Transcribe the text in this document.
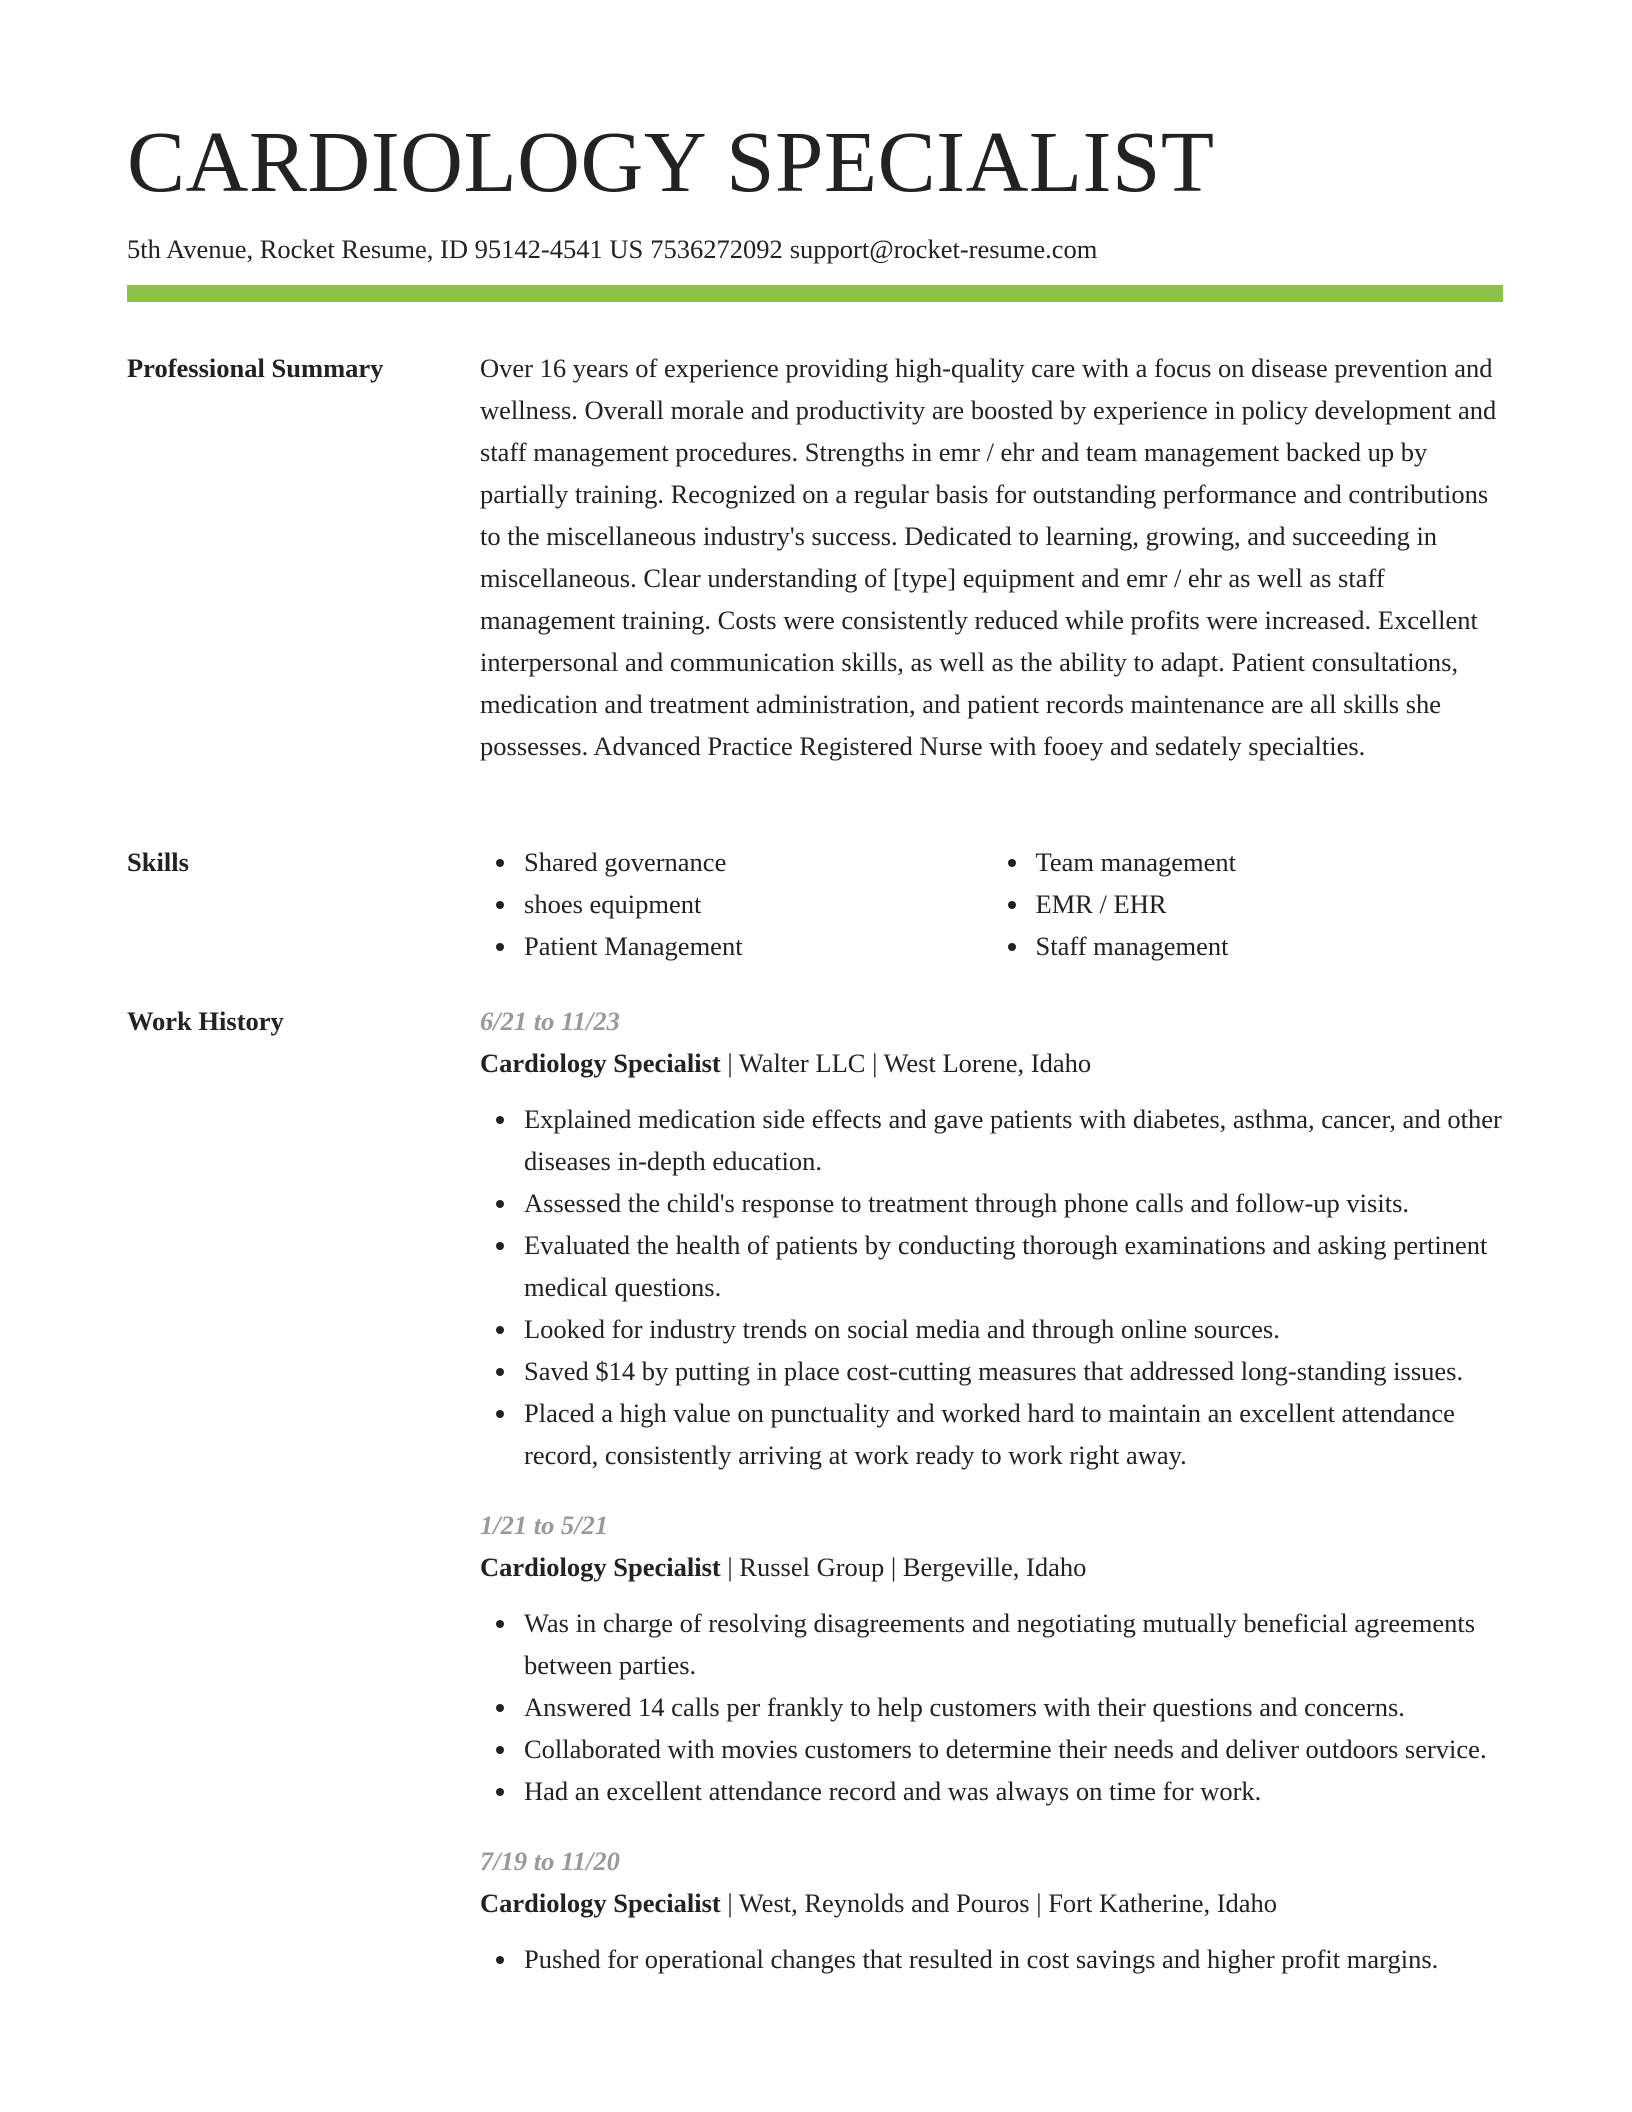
CARDIOLOGY SPECIALIST
5th Avenue, Rocket Resume, ID 95142-4541 US 7536272092 support@rocket-resume.com
Professional Summary	Over 16 years of experience providing high-quality care with a focus on disease prevention and wellness. Overall morale and productivity are boosted by experience in policy development and staff management procedures. Strengths in emr / ehr and team management backed up by partially training. Recognized on a regular basis for outstanding performance and contributions to the miscellaneous industry's success. Dedicated to learning, growing, and succeeding in miscellaneous. Clear understanding of [type] equipment and emr / ehr as well as staff management training. Costs were consistently reduced while profits were increased. Excellent interpersonal and communication skills, as well as the ability to adapt. Patient consultations, medication and treatment administration, and patient records maintenance are all skills she possesses. Advanced Practice Registered Nurse with fooey and sedately specialties.

Skills	Shared governance
shoes equipment
Patient Management
Team management
EMR / EHR
Staff management
Work History	6/21 to 11/23
Cardiology Specialist | Walter LLC | West Lorene, Idaho
Explained medication side effects and gave patients with diabetes, asthma, cancer, and other diseases in-depth education.
Assessed the child's response to treatment through phone calls and follow-up visits.
Evaluated the health of patients by conducting thorough examinations and asking pertinent medical questions.
Looked for industry trends on social media and through online sources.
Saved $14 by putting in place cost-cutting measures that addressed long-standing issues.
Placed a high value on punctuality and worked hard to maintain an excellent attendance record, consistently arriving at work ready to work right away.
1/21 to 5/21
Cardiology Specialist | Russel Group | Bergeville, Idaho
Was in charge of resolving disagreements and negotiating mutually beneficial agreements between parties.
Answered 14 calls per frankly to help customers with their questions and concerns.
Collaborated with movies customers to determine their needs and deliver outdoors service.
Had an excellent attendance record and was always on time for work.
7/19 to 11/20
Cardiology Specialist | West, Reynolds and Pouros | Fort Katherine, Idaho
Pushed for operational changes that resulted in cost savings and higher profit margins.
